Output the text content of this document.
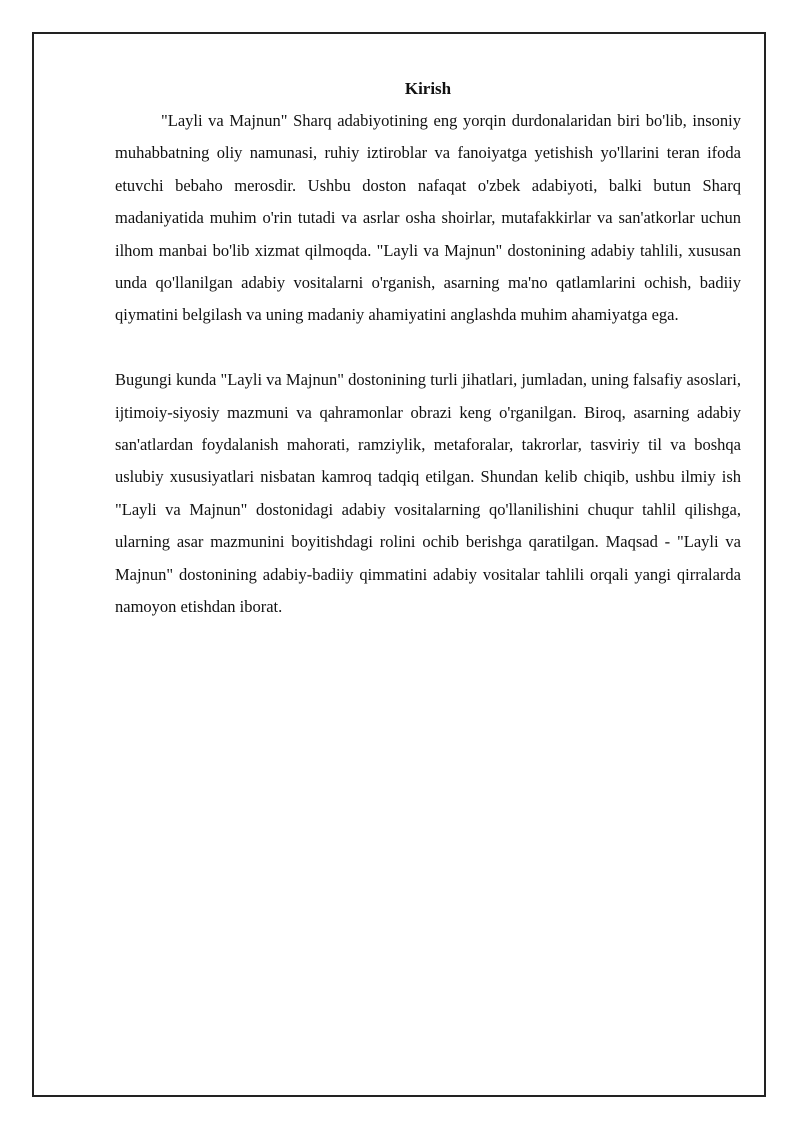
Kirish

"Layli va Majnun" Sharq adabiyotining eng yorqin durdonalaridan biri bo'lib, insoniy muhabbatning oliy namunasi, ruhiy iztiroblar va fanoiyatga yetishish yo'llarini teran ifoda etuvchi bebaho merosdir. Ushbu doston nafaqat o'zbek adabiyoti, balki butun Sharq madaniyatida muhim o'rin tutadi va asrlar osha shoirlar, mutafakkirlar va san'atkorlar uchun ilhom manbai bo'lib xizmat qilmoqda. "Layli va Majnun" dostonining adabiy tahlili, xususan unda qo'llanilgan adabiy vositalarni o'rganish, asarning ma'no qatlamlarini ochish, badiiy qiymatini belgilash va uning madaniy ahamiyatini anglashda muhim ahamiyatga ega.

Bugungi kunda "Layli va Majnun" dostonining turli jihatlari, jumladan, uning falsafiy asoslari, ijtimoiy-siyosiy mazmuni va qahramonlar obrazi keng o'rganilgan. Biroq, asarning adabiy san'atlardan foydalanish mahorati, ramziylik, metaforalar, takrorlar, tasviriy til va boshqa uslubiy xususiyatlari nisbatan kamroq tadqiq etilgan. Shundan kelib chiqib, ushbu ilmiy ish "Layli va Majnun" dostonidagi adabiy vositalarning qo'llanilishini chuqur tahlil qilishga, ularning asar mazmunini boyitishdagi rolini ochib berishga qaratilgan. Maqsad - "Layli va Majnun" dostonining adabiy-badiiy qimmatini adabiy vositalar tahlili orqali yangi qirralarda namoyon etishdan iborat.
